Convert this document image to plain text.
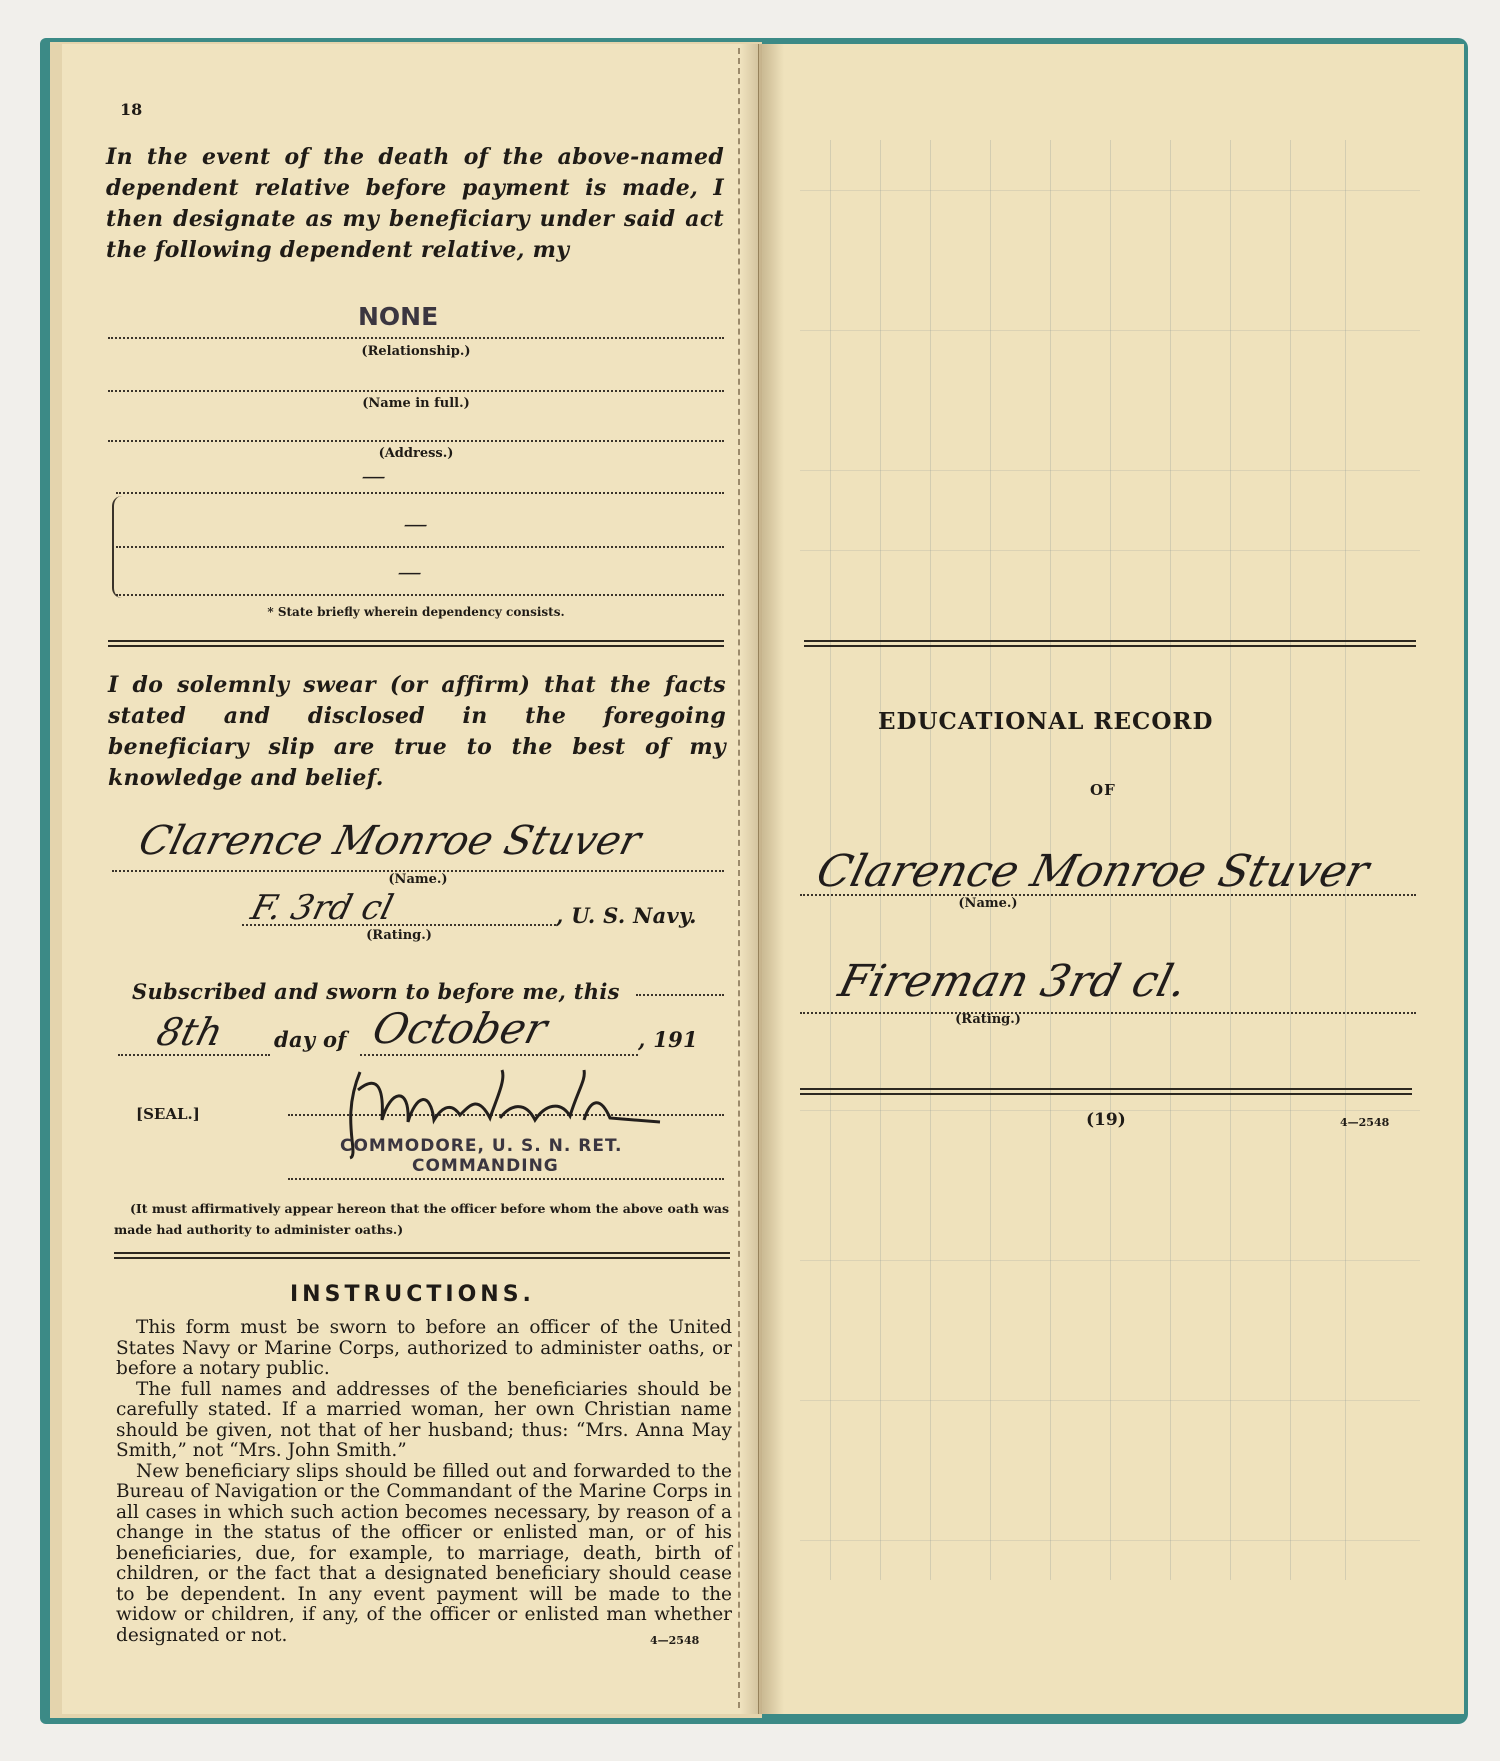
18

In the event of the death of the above-named dependent relative before payment is made, I then designate as my beneficiary under said act the following dependent relative, my

NONE
(Relationship.)
(Name in full.)
(Address.)
—
—
—
* State briefly wherein dependency consists.

I do solemnly swear (or affirm) that the facts stated and disclosed in the foregoing beneficiary slip are true to the best of my knowledge and belief.

Clarence Monroe Stuver
(Name.)
F. 3rd cl
(Rating.)
, U. S. Navy.
Subscribed and sworn to before me, this
8th day of October	, 191
[SEAL.]
COMMODORE, U. S. N. RET.
COMMANDING
(It must affirmatively appear hereon that the officer before whom the above oath was made had authority to administer oaths.)
INSTRUCTIONS.

This form must be sworn to before an officer of the United States Navy or Marine Corps, authorized to administer oaths, or before a notary public.

The full names and addresses of the beneficiaries should be carefully stated. If a married woman, her own Christian name should be given, not that of her husband; thus: “Mrs. Anna May Smith,” not “Mrs. John Smith.”

New beneficiary slips should be filled out and forwarded to the Bureau of Navigation or the Commandant of the Marine Corps in all cases in which such action becomes necessary, by reason of a change in the status of the officer or enlisted man, or of his beneficiaries, due, for example, to marriage, death, birth of children, or the fact that a designated beneficiary should cease to be dependent. In any event payment will be made to the widow or children, if any, of the officer or enlisted man whether designated or not.	4—2548
EDUCATIONAL RECORD
OF
Clarence Monroe Stuver
(Name.)
Fireman 3rd cl.
(Rating.)
(19)	4—2548
